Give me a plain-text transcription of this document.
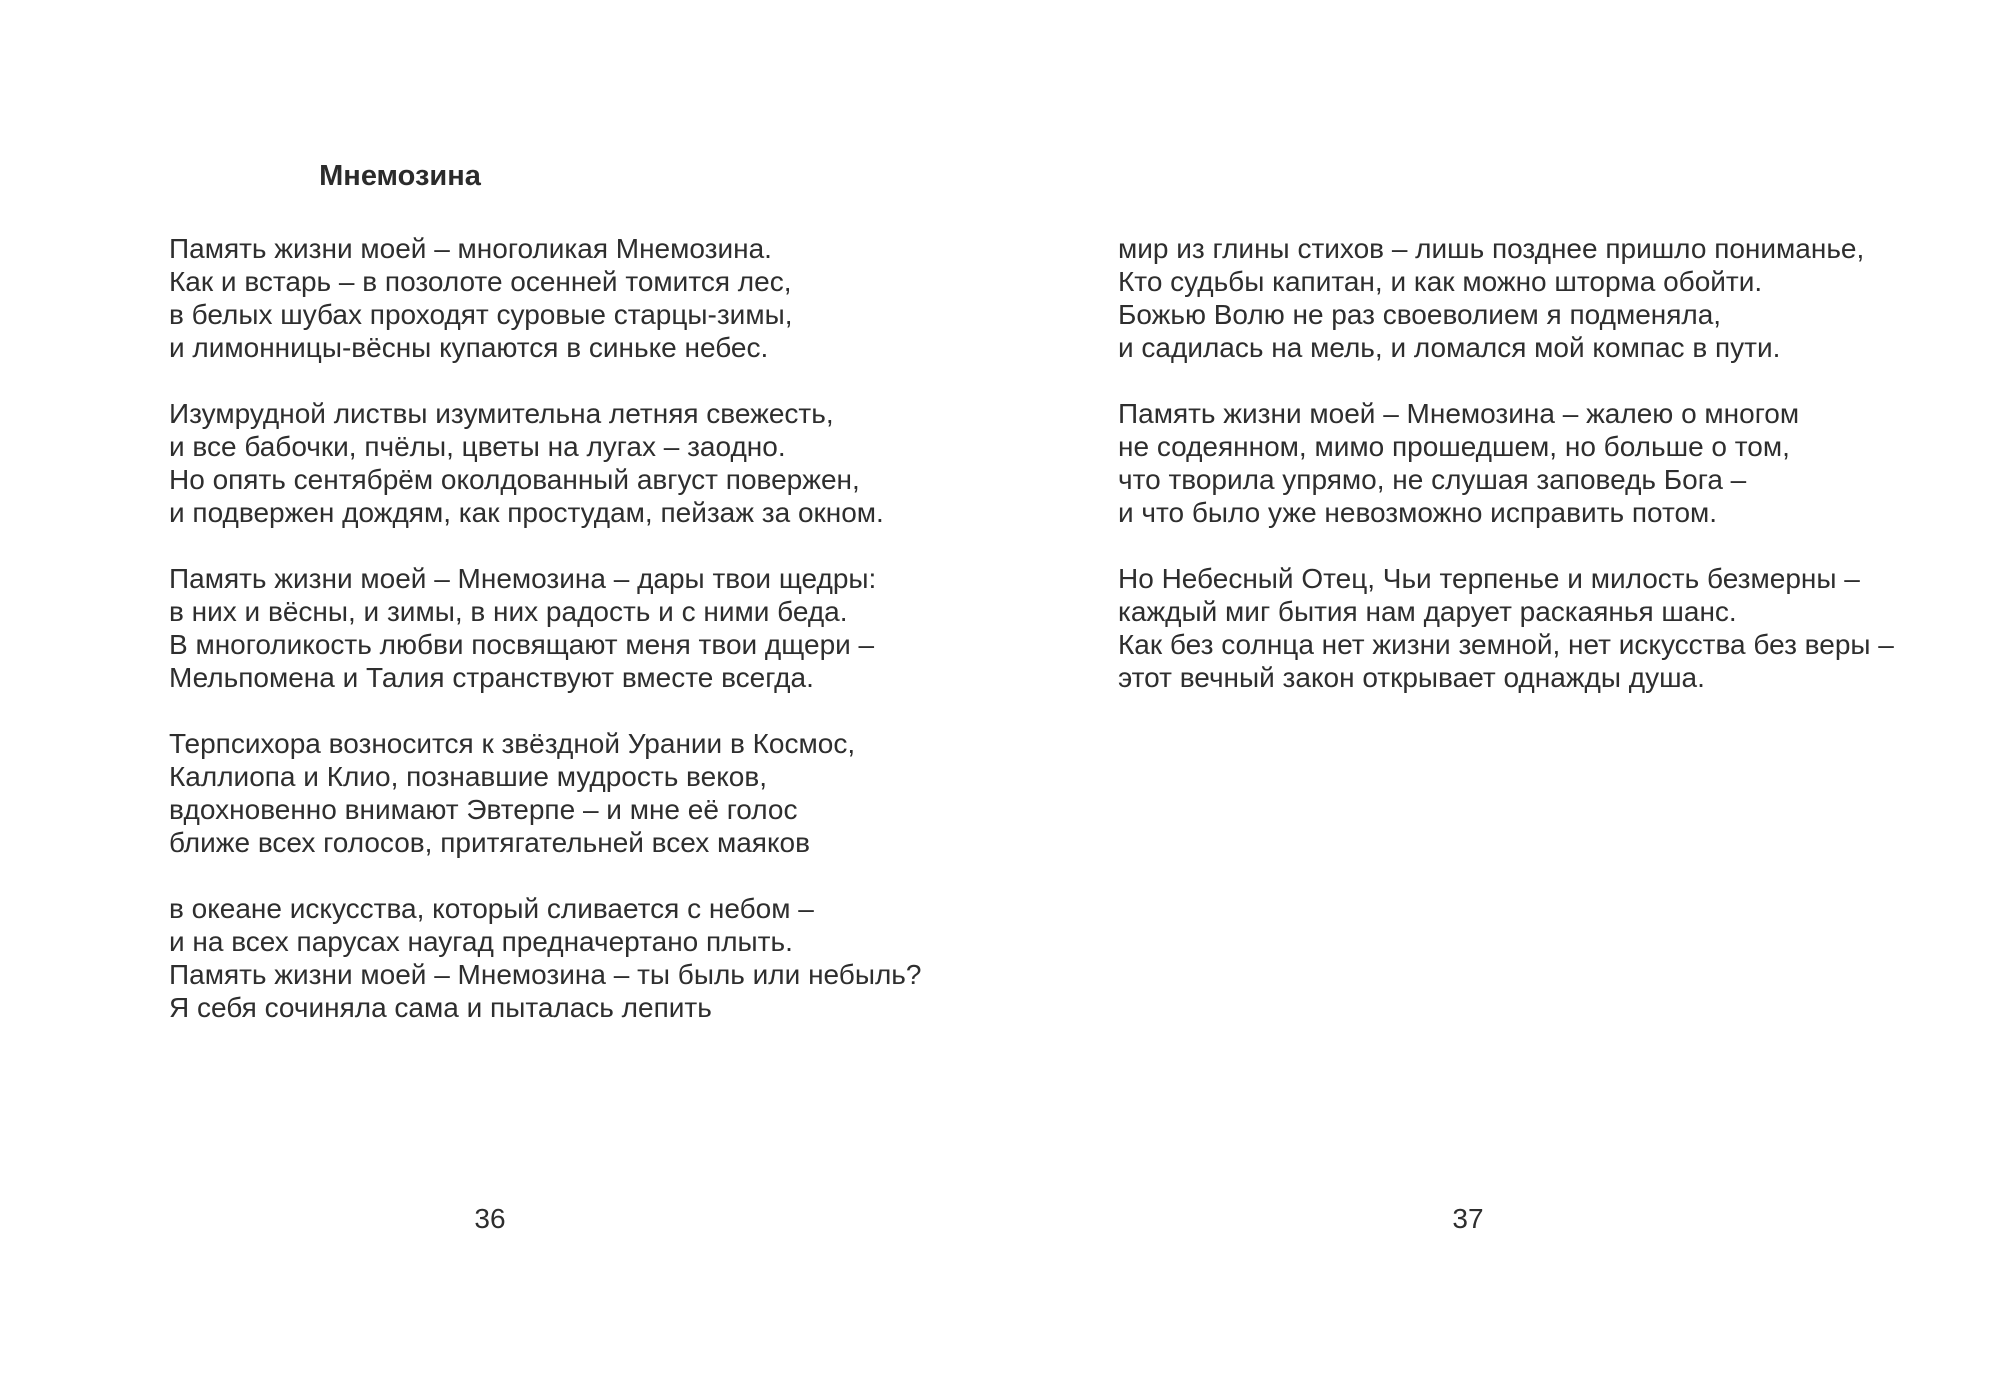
Мнемозина
Память жизни моей – многоликая Мнемозина.
Как и встарь – в позолоте осенней томится лес,
в белых шубах проходят суровые старцы-зимы,
и лимонницы-вёсны купаются в синьке небес.
Изумрудной листвы изумительна летняя свежесть,
и все бабочки, пчёлы, цветы на лугах – заодно.
Но опять сентябрём околдованный август повержен,
и подвержен дождям, как простудам, пейзаж за окном.
Память жизни моей – Мнемозина – дары твои щедры:
в них и вёсны, и зимы, в них радость и с ними беда.
В многоликость любви посвящают меня твои дщери –
Мельпомена и Талия странствуют вместе всегда.
Терпсихора возносится к звёздной Урании в Космос,
Каллиопа и Клио, познавшие мудрость веков,
вдохновенно внимают Эвтерпе – и мне её голос
ближе всех голосов, притягательней всех маяков
в океане искусства, который сливается с небом –
и на всех парусах наугад предначертано плыть.
Память жизни моей – Мнемозина – ты быль или небыль?
Я себя сочиняла сама и пыталась лепить
мир из глины стихов – лишь позднее пришло пониманье,
Кто судьбы капитан, и как можно шторма обойти.
Божью Волю не раз своеволием я подменяла,
и садилась на мель, и ломался мой компас в пути.
Память жизни моей – Мнемозина – жалею о многом
не содеянном, мимо прошедшем, но больше о том,
что творила упрямо, не слушая заповедь Бога –
и что было уже невозможно исправить потом.
Но Небесный Отец, Чьи терпенье и милость безмерны –
каждый миг бытия нам дарует раскаянья шанс.
Как без солнца нет жизни земной, нет искусства без веры –
этот вечный закон открывает однажды душа.
36	37
